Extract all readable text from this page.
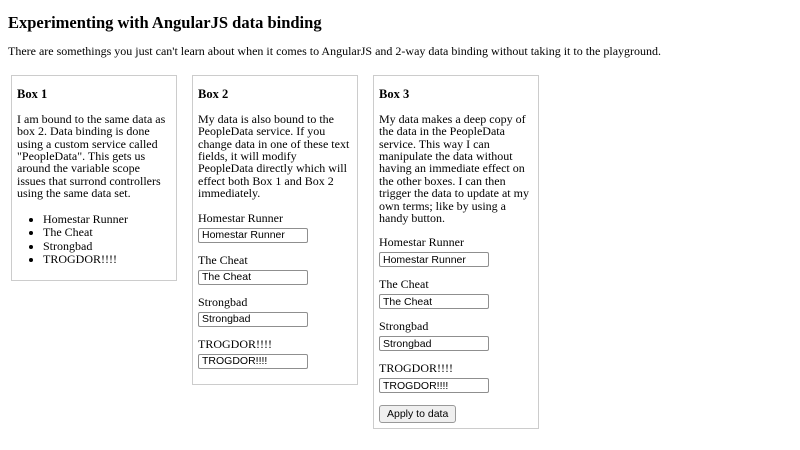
Experimenting with AngularJS data binding

There are somethings you just can't learn about when it comes to AngularJS and 2-way data binding without taking it to the playground.

Box 1

I am bound to the same data as box 2. Data binding is done using a custom service called "PeopleData". This gets us around the variable scope issues that surrond controllers using the same data set.

• Homestar Runner
• The Cheat
• Strongbad
• TROGDOR!!!!

Box 2

My data is also bound to the PeopleData service. If you change data in one of these text fields, it will modify PeopleData directly which will effect both Box 1 and Box 2 immediately.

Homestar Runner
Homestar Runner
The Cheat
The Cheat
Strongbad
Strongbad
TROGDOR!!!!
TROGDOR!!!!

Box 3

My data makes a deep copy of the data in the PeopleData service. This way I can manipulate the data without having an immediate effect on the other boxes. I can then trigger the data to update at my own terms; like by using a handy button.

Homestar Runner
Homestar Runner
The Cheat
The Cheat
Strongbad
Strongbad
TROGDOR!!!!
TROGDOR!!!!
Apply to data
